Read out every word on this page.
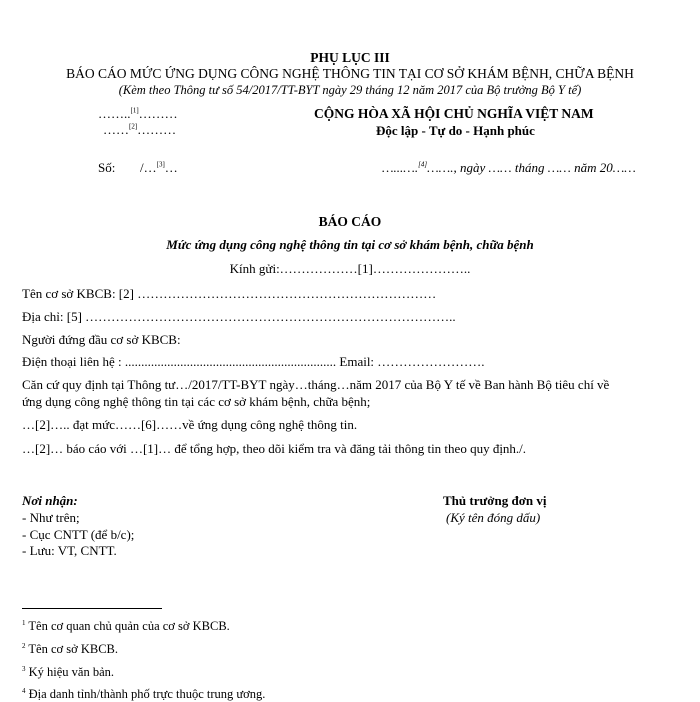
PHỤ LỤC III
BÁO CÁO MỨC ỨNG DỤNG CÔNG NGHỆ THÔNG TIN TẠI CƠ SỞ KHÁM BỆNH, CHỮA BỆNH
(Kèm theo Thông tư số 54/2017/TT-BYT ngày 29 tháng 12 năm 2017 của Bộ trưởng Bộ Y tế)
……..[1]………
……[2]………
CỘNG HÒA XÃ HỘI CHỦ NGHĨA VIỆT NAM
Độc lập - Tự do - Hạnh phúc
Số: /…[3]…	…...….[4]……., ngày …… tháng …… năm 20……
BÁO CÁO
Mức ứng dụng công nghệ thông tin tại cơ sở khám bệnh, chữa bệnh
Kính gửi:………………[1]…………………..
Tên cơ sở KBCB: [2] ……………………………………………………………
Địa chỉ: [5] …………………………………………………………………………..
Người đứng đầu cơ sở KBCB:
Điện thoại liên hệ : ................................................................. Email: …………………….
Căn cứ quy định tại Thông tư…/2017/TT-BYT ngày…tháng…năm 2017 của Bộ Y tế về Ban hành Bộ tiêu chí về
ứng dụng công nghệ thông tin tại các cơ sở khám bệnh, chữa bệnh;
…[2]….. đạt mức……[6]……về ứng dụng công nghệ thông tin.
…[2]… báo cáo với …[1]… để tổng hợp, theo dõi kiểm tra và đăng tải thông tin theo quy định./.
Nơi nhận:
- Như trên;
- Cục CNTT (để b/c);
- Lưu: VT, CNTT.
Thủ trưởng đơn vị
(Ký tên đóng dấu)
$^1$ Tên cơ quan chủ quản của cơ sở KBCB.
$^2$ Tên cơ sở KBCB.
$^3$ Ký hiệu văn bản.
$^4$ Địa danh tỉnh/thành phố trực thuộc trung ương.
